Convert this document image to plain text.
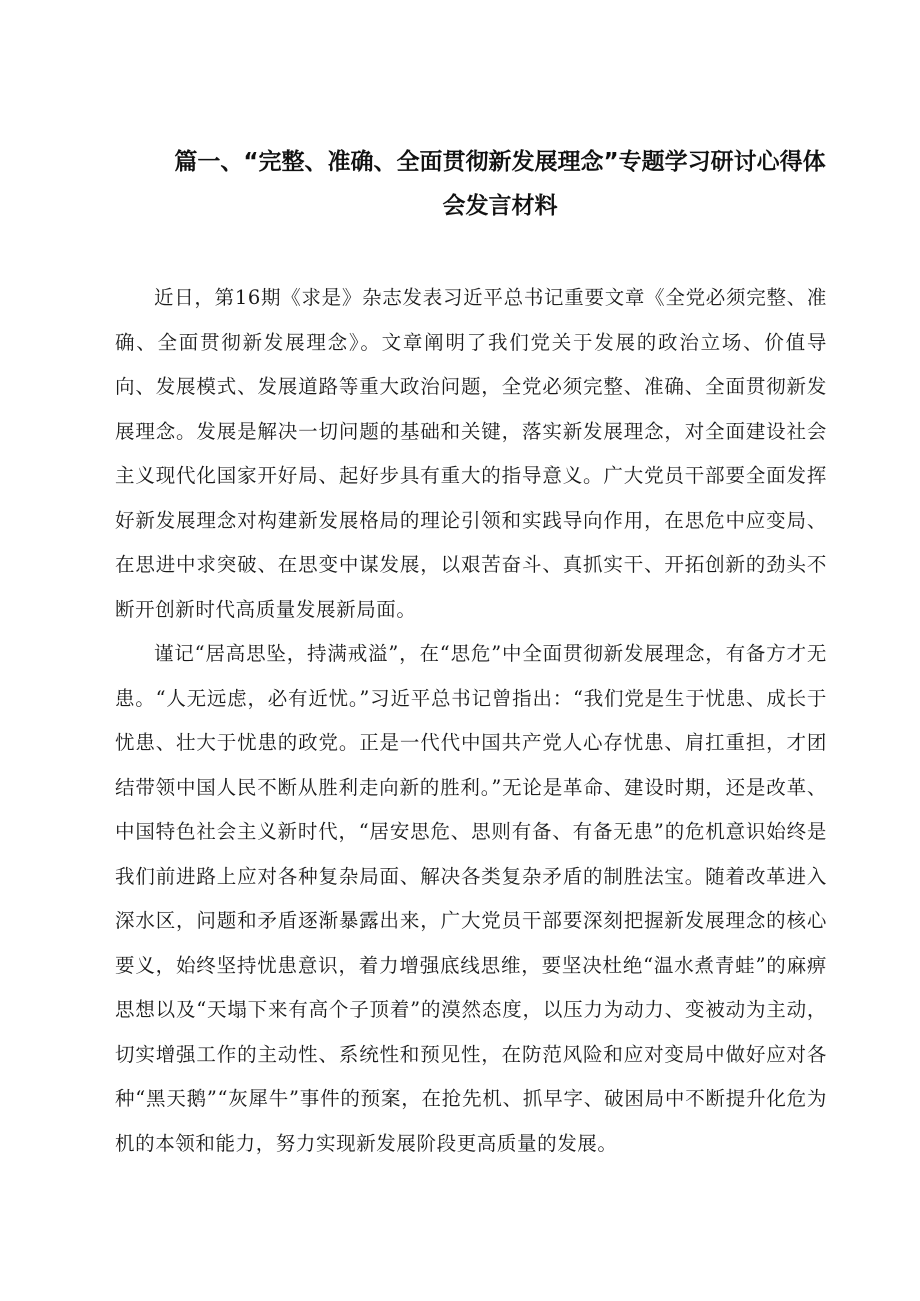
篇一、“完整、准确、全面贯彻新发展理念”专题学习研讨心得体
会发言材料

近日，第16期《求是》杂志发表习近平总书记重要文章《全党必须完整、准确、全面贯彻新发展理念》。文章阐明了我们党关于发展的政治立场、价值导向、发展模式、发展道路等重大政治问题，全党必须完整、准确、全面贯彻新发展理念。发展是解决一切问题的基础和关键，落实新发展理念，对全面建设社会主义现代化国家开好局、起好步具有重大的指导意义。广大党员干部要全面发挥好新发展理念对构建新发展格局的理论引领和实践导向作用，在思危中应变局、在思进中求突破、在思变中谋发展，以艰苦奋斗、真抓实干、开拓创新的劲头不断开创新时代高质量发展新局面。

谨记“居高思坠，持满戒溢”，在“思危”中全面贯彻新发展理念，有备方才无患。“人无远虑，必有近忧。”习近平总书记曾指出：“我们党是生于忧患、成长于忧患、壮大于忧患的政党。正是一代代中国共产党人心存忧患、肩扛重担，才团结带领中国人民不断从胜利走向新的胜利。”无论是革命、建设时期，还是改革、中国特色社会主义新时代，“居安思危、思则有备、有备无患”的危机意识始终是我们前进路上应对各种复杂局面、解决各类复杂矛盾的制胜法宝。随着改革进入深水区，问题和矛盾逐渐暴露出来，广大党员干部要深刻把握新发展理念的核心要义，始终坚持忧患意识，着力增强底线思维，要坚决杜绝“温水煮青蛙”的麻痹思想以及“天塌下来有高个子顶着”的漠然态度，以压力为动力、变被动为主动，切实增强工作的主动性、系统性和预见性，在防范风险和应对变局中做好应对各种“黑天鹅”“灰犀牛”事件的预案，在抢先机、抓早字、破困局中不断提升化危为机的本领和能力，努力实现新发展阶段更高质量的发展。
